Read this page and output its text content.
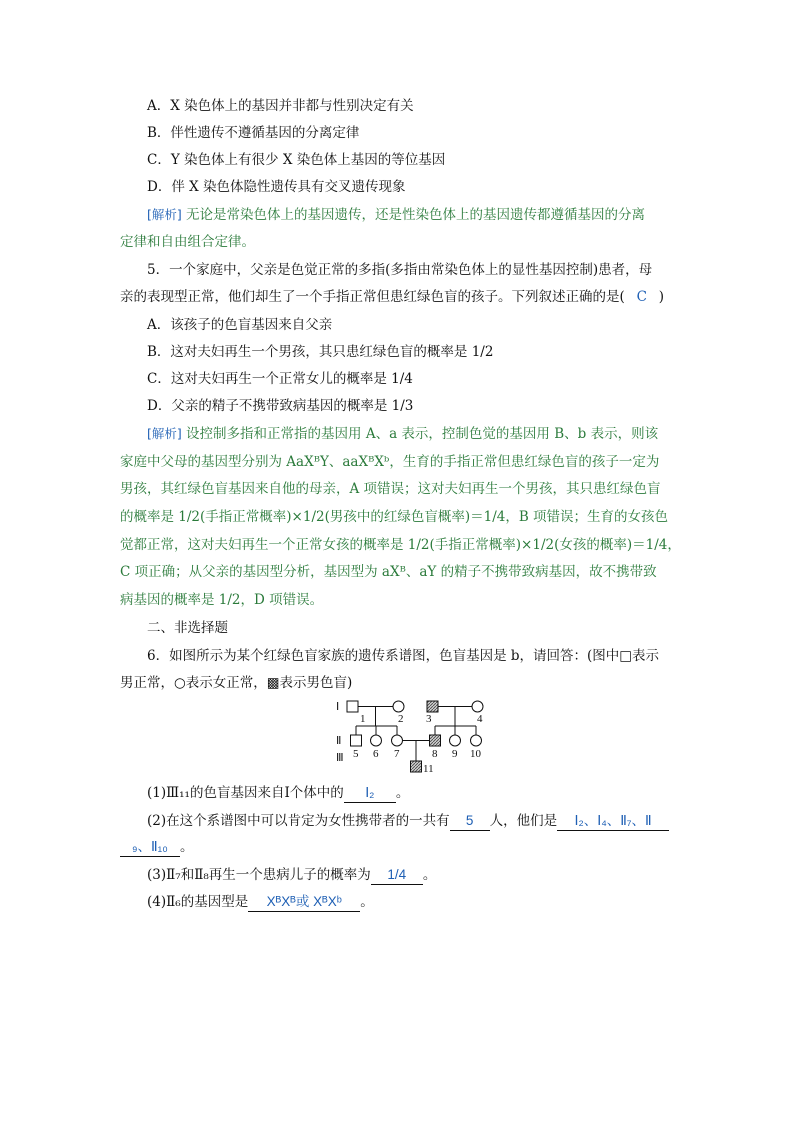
A．X 染色体上的基因并非都与性别决定有关
B．伴性遗传不遵循基因的分离定律
C．Y 染色体上有很少 X 染色体上基因的等位基因
D．伴 X 染色体隐性遗传具有交叉遗传现象
[解析] 无论是常染色体上的基因遗传，还是性染色体上的基因遗传都遵循基因的分离
定律和自由组合定律。
5．一个家庭中，父亲是色觉正常的多指(多指由常染色体上的显性基因控制)患者，母
亲的表现型正常，他们却生了一个手指正常但患红绿色盲的孩子。下列叙述正确的是( C )
A．该孩子的色盲基因来自父亲
B．这对夫妇再生一个男孩，其只患红绿色盲的概率是 1/2
C．这对夫妇再生一个正常女儿的概率是 1/4
D．父亲的精子不携带致病基因的概率是 1/3
[解析] 设控制多指和正常指的基因用 A、a 表示，控制色觉的基因用 B、b 表示，则该
家庭中父母的基因型分别为 AaXᴮY、aaXᴮXᵇ，生育的手指正常但患红绿色盲的孩子一定为
男孩，其红绿色盲基因来自他的母亲，A 项错误；这对夫妇再生一个男孩，其只患红绿色盲
的概率是 1/2(手指正常概率)×1/2(男孩中的红绿色盲概率)＝1/4，B 项错误；生育的女孩色
觉都正常，这对夫妇再生一个正常女孩的概率是 1/2(手指正常概率)×1/2(女孩的概率)＝1/4，
C 项正确；从父亲的基因型分析，基因型为 aXᴮ、aY 的精子不携带致病基因，故不携带致
病基因的概率是 1/2，D 项错误。
二、非选择题
6．如图所示为某个红绿色盲家族的遗传系谱图，色盲基因是 b，请回答：(图中□表示
男正常，○表示女正常，▩表示男色盲)
Ⅰ
Ⅱ
Ⅲ
1	2 3	4
5 6 7	8 9 10
11
(1)Ⅲ₁₁的色盲基因来自Ⅰ个体中的 Ⅰ₂ 。
(2)在这个系谱图中可以肯定为女性携带者的一共有 5 人，他们是 Ⅰ₂、Ⅰ₄、Ⅱ₇、Ⅱ
₉、Ⅱ₁₀ 。
(3)Ⅱ₇和Ⅱ₈再生一个患病儿子的概率为 1/4 。
(4)Ⅱ₆的基因型是 XᴮXᴮ或 XᴮXᵇ 。
